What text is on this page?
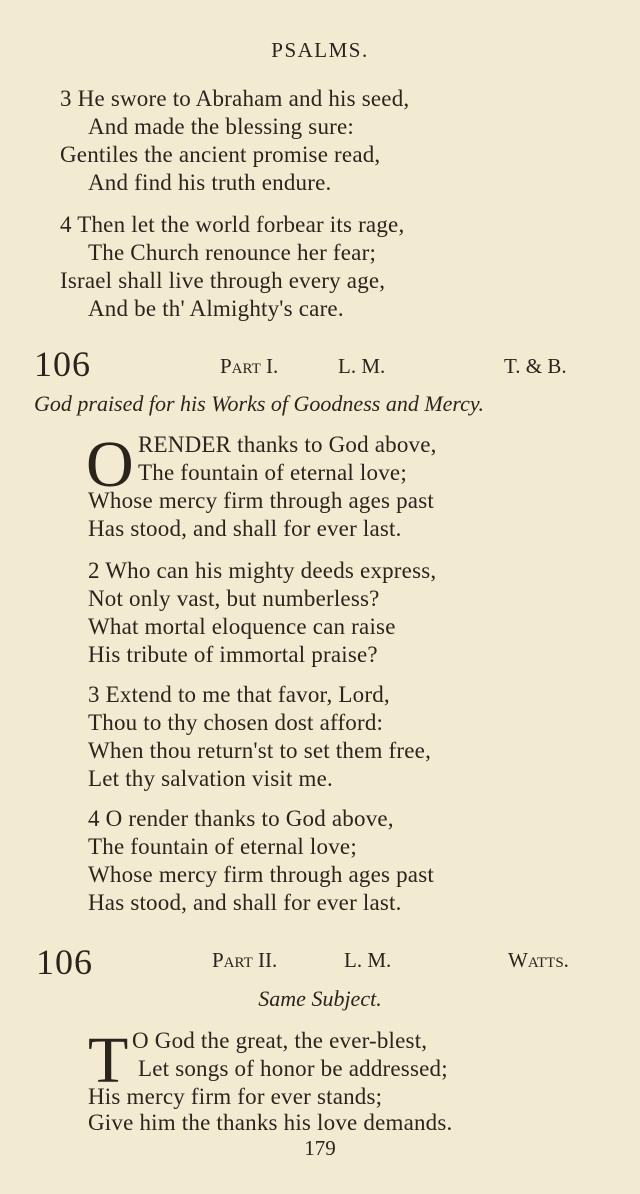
PSALMS.
3 He swore to Abraham and his seed,
And made the blessing sure:
Gentiles the ancient promise read,
And find his truth endure.
4 Then let the world forbear its rage,
The Church renounce her fear;
Israel shall live through every age,
And be th' Almighty's care.
106	Part I.	L. M.	T. & B.
God praised for his Works of Goodness and Mercy.
O RENDER thanks to God above,
The fountain of eternal love;
Whose mercy firm through ages past
Has stood, and shall for ever last.
2 Who can his mighty deeds express,
Not only vast, but numberless?
What mortal eloquence can raise
His tribute of immortal praise?
3 Extend to me that favor, Lord,
Thou to thy chosen dost afford:
When thou return'st to set them free,
Let thy salvation visit me.
4 O render thanks to God above,
The fountain of eternal love;
Whose mercy firm through ages past
Has stood, and shall for ever last.
106	Part II.	L. M.	Watts.
Same Subject.
T O God the great, the ever-blest,
Let songs of honor be addressed;
His mercy firm for ever stands;
Give him the thanks his love demands.
179
